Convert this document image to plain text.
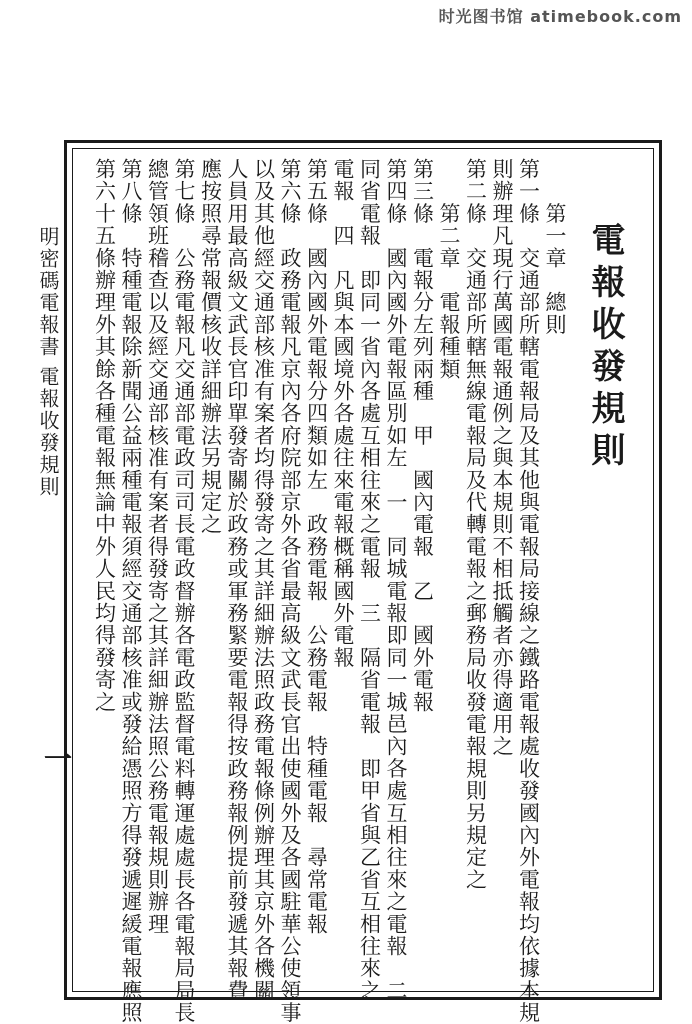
时光图书馆 atimebook.com
電報收發規則
　　第一章　總則
第一條　交通部所轄電報局及其他與電報局接線之鐵路電報處收發國內外電報均依據本規
則辦理凡現行萬國電報通例之與本規則不相抵觸者亦得適用之
第二條　交通部所轄無線電報局及代轉電報之郵務局收發電報規則另規定之
　　第二章　電報種類
第三條　電報分左列兩種　甲　國內電報　乙　國外電報
第四條　國內國外電報區別如左　一　同城電報即同一城邑內各處互相往來之電報　二
同省電報　即同一省內各處互相往來之電報　三　隔省電報　即甲省與乙省互相往來之
電報　四　凡與本國境外各處往來電報概稱國外電報
第五條　國內國外電報分四類如左　政務電報　公務電報　特種電報　尋常電報
第六條　政務電報凡京內各府院部京外各省最高級文武長官出使國外及各國駐華公使領事
以及其他經交通部核准有案者均得發寄之其詳細辦法照政務電報條例辦理其京外各機關
人員用最高級文武長官印單發寄關於政務或軍務緊要電報得按政務報例提前發遞其報費
應按照尋常報價核收詳細辦法另規定之
第七條　公務電報凡交通部電政司司長電政督辦各電政監督電料轉運處處長各電報局局長
總管領班稽查以及經交通部核准有案者得發寄之其詳細辦法照公務電報規則辦理
第八條　特種電報除新聞公益兩種電報須經交通部核准或發給憑照方得發遞遲緩電報應照
第六十五條辦理外其餘各種電報無論中外人民均得發寄之
明密碼電報書
電報收發規則
一
